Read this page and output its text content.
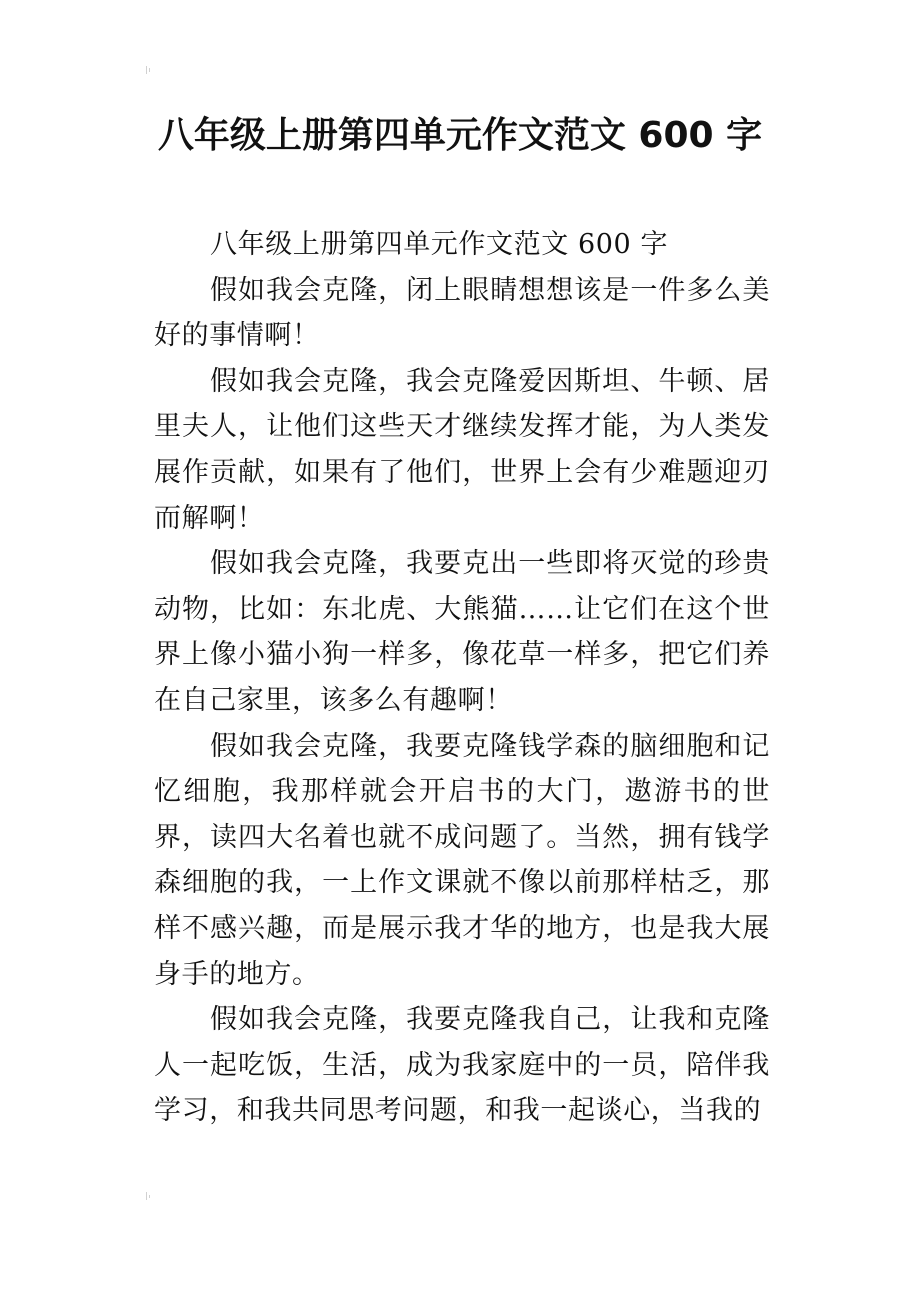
八年级上册第四单元作文范文 600 字

八年级上册第四单元作文范文 600 字

假如我会克隆，闭上眼睛想想该是一件多么美好的事情啊！

假如我会克隆，我会克隆爱因斯坦、牛顿、居里夫人，让他们这些天才继续发挥才能，为人类发展作贡献，如果有了他们，世界上会有少难题迎刃而解啊！

假如我会克隆，我要克出一些即将灭觉的珍贵动物，比如：东北虎、大熊猫……让它们在这个世界上像小猫小狗一样多，像花草一样多，把它们养在自己家里，该多么有趣啊！

假如我会克隆，我要克隆钱学森的脑细胞和记忆细胞，我那样就会开启书的大门，遨游书的世界，读四大名着也就不成问题了。当然，拥有钱学森细胞的我，一上作文课就不像以前那样枯乏，那样不感兴趣，而是展示我才华的地方，也是我大展身手的地方。

假如我会克隆，我要克隆我自己，让我和克隆人一起吃饭，生活，成为我家庭中的一员，陪伴我学习，和我共同思考问题，和我一起谈心，当我的
